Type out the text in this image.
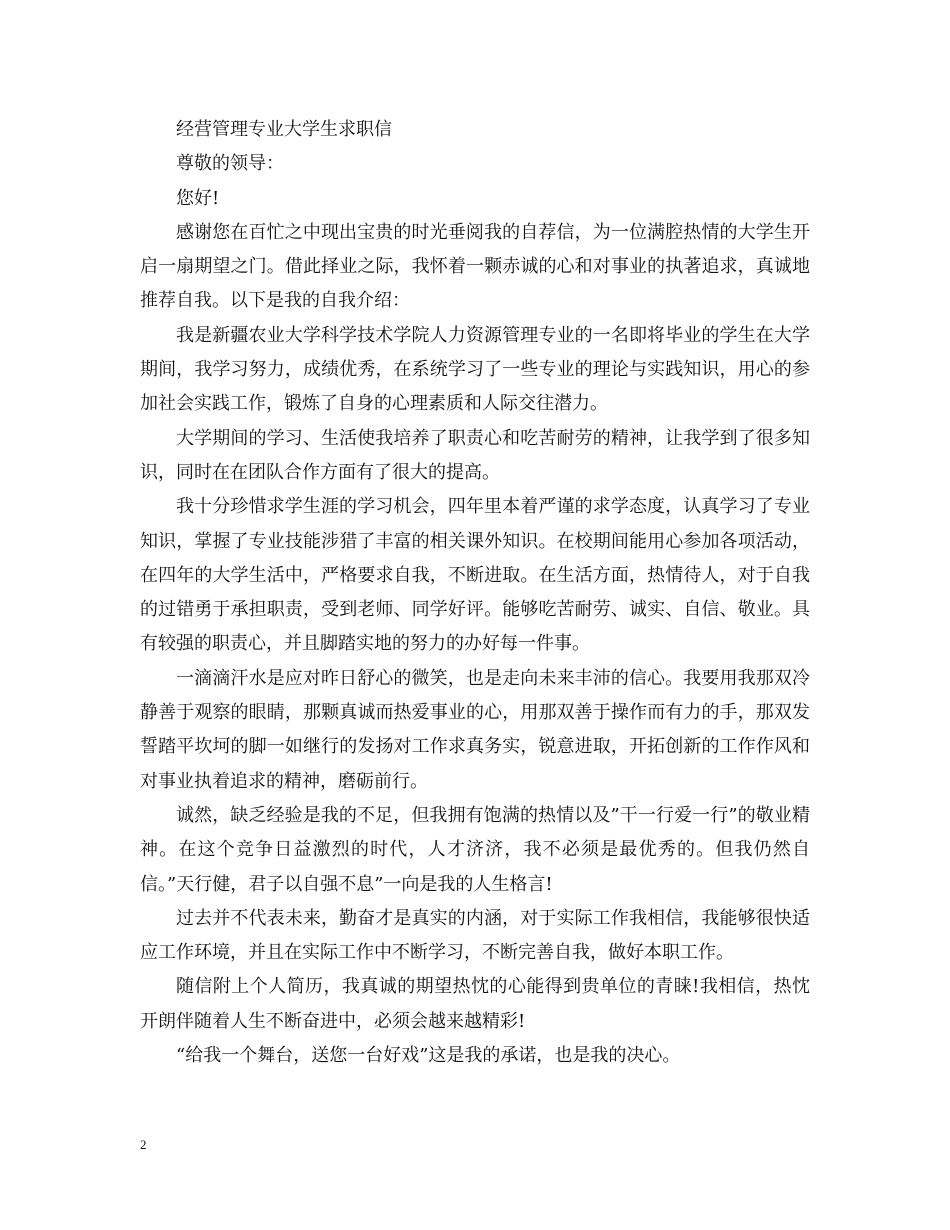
经营管理专业大学生求职信

尊敬的领导：

您好!

感谢您在百忙之中现出宝贵的时光垂阅我的自荐信，为一位满腔热情的大学生开启一扇期望之门。借此择业之际，我怀着一颗赤诚的心和对事业的执著追求，真诚地推荐自我。以下是我的自我介绍：

我是新疆农业大学科学技术学院人力资源管理专业的一名即将毕业的学生在大学期间，我学习努力，成绩优秀，在系统学习了一些专业的理论与实践知识，用心的参加社会实践工作，锻炼了自身的心理素质和人际交往潜力。

大学期间的学习、生活使我培养了职责心和吃苦耐劳的精神，让我学到了很多知识，同时在在团队合作方面有了很大的提高。

我十分珍惜求学生涯的学习机会，四年里本着严谨的求学态度，认真学习了专业知识，掌握了专业技能涉猎了丰富的相关课外知识。在校期间能用心参加各项活动，在四年的大学生活中，严格要求自我，不断进取。在生活方面，热情待人，对于自我的过错勇于承担职责，受到老师、同学好评。能够吃苦耐劳、诚实、自信、敬业。具有较强的职责心，并且脚踏实地的努力的办好每一件事。

一滴滴汗水是应对昨日舒心的微笑，也是走向未来丰沛的信心。我要用我那双冷静善于观察的眼睛，那颗真诚而热爱事业的心，用那双善于操作而有力的手，那双发誓踏平坎坷的脚一如继行的发扬对工作求真务实，锐意进取，开拓创新的工作作风和对事业执着追求的精神，磨砺前行。

诚然，缺乏经验是我的不足，但我拥有饱满的热情以及”干一行爱一行”的敬业精神。在这个竞争日益激烈的时代，人才济济，我不必须是最优秀的。但我仍然自信。”天行健，君子以自强不息”一向是我的人生格言!

过去并不代表未来，勤奋才是真实的内涵，对于实际工作我相信，我能够很快适应工作环境，并且在实际工作中不断学习，不断完善自我，做好本职工作。

随信附上个人简历，我真诚的期望热忱的心能得到贵单位的青睐!我相信，热忱开朗伴随着人生不断奋进中，必须会越来越精彩!

“给我一个舞台，送您一台好戏”这是我的承诺，也是我的决心。

2
